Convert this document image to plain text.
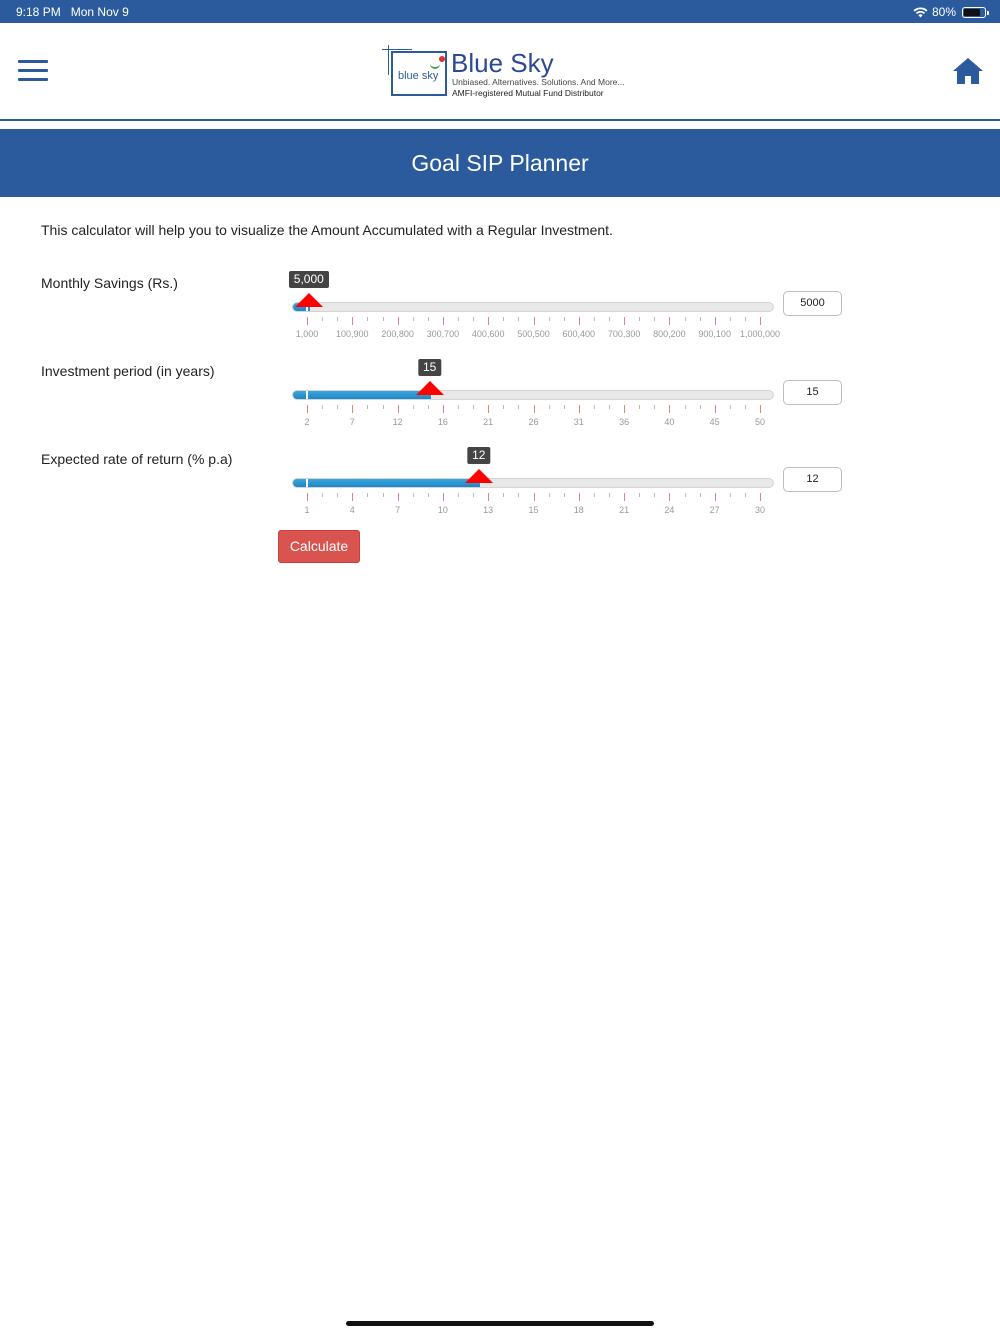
9:18 PM Mon Nov 9	80%
blue sky Blue Sky
Unbiased. Alternatives. Solutions. And More...
AMFI-registered Mutual Fund Distributor
Goal SIP Planner
This calculator will help you to visualize the Amount Accumulated with a Regular Investment.
Monthly Savings (Rs.)	5,000
1,000 100,900 200,800 300,700 400,600 500,500 600,400 700,300 800,200 900,100 1,000,000
5000
Investment period (in years)	15
2	7	12	16	21	26	31	36	40	45	50
15
Expected rate of return (% p.a)	12
1	4	7	10	13	15	18	21	24	27	30
12
Calculate
